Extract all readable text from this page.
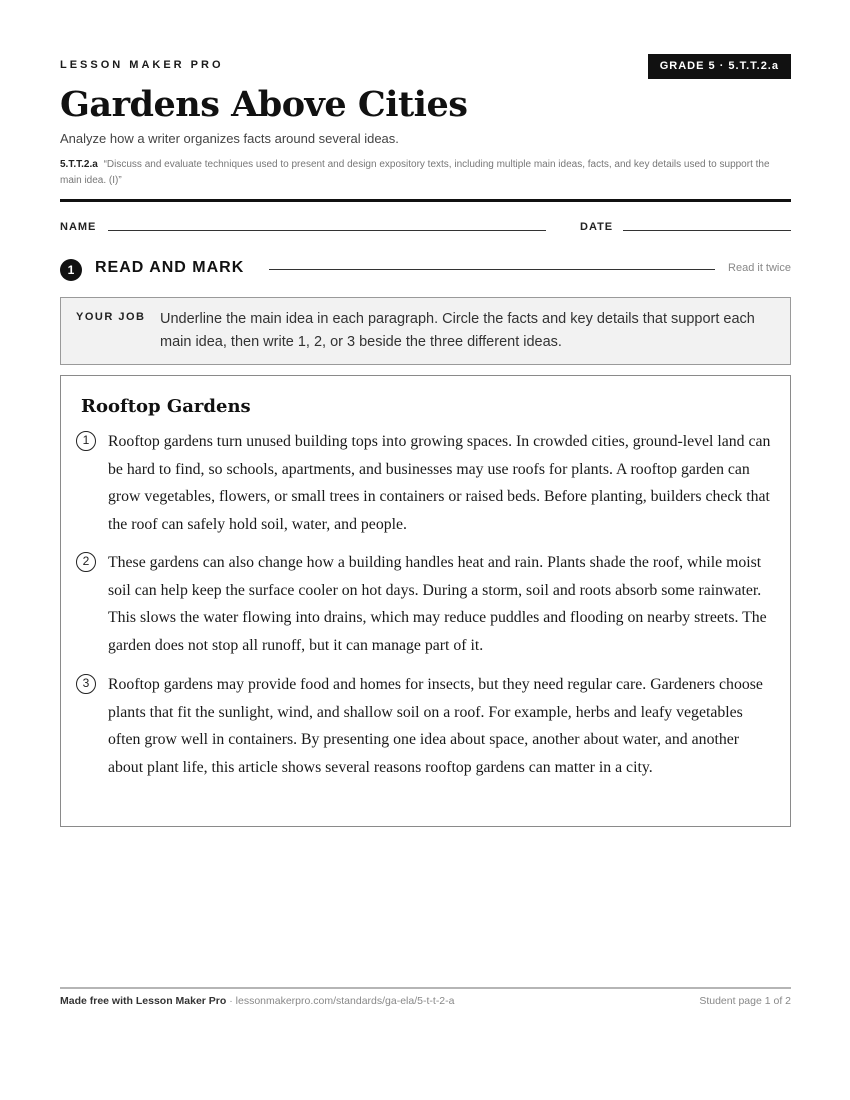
LESSON MAKER PRO	GRADE 5 · 5.T.T.2.a
Gardens Above Cities
Analyze how a writer organizes facts around several ideas.
5.T.T.2.a “Discuss and evaluate techniques used to present and design expository texts, including multiple main ideas, facts, and key details used to support the main idea. (I)”
NAME	DATE
1	READ AND MARK	Read it twice
YOUR JOB Underline the main idea in each paragraph. Circle the facts and key details that support each main idea, then write 1, 2, or 3 beside the three different ideas.
Rooftop Gardens
1	Rooftop gardens turn unused building tops into growing spaces. In crowded cities, ground-level land can be hard to find, so schools, apartments, and businesses may use roofs for plants. A rooftop garden can grow vegetables, flowers, or small trees in containers or raised beds. Before planting, builders check that the roof can safely hold soil, water, and people.

2	These gardens can also change how a building handles heat and rain. Plants shade the roof, while moist soil can help keep the surface cooler on hot days. During a storm, soil and roots absorb some rainwater. This slows the water flowing into drains, which may reduce puddles and flooding on nearby streets. The garden does not stop all runoff, but it can manage part of it.

3	Rooftop gardens may provide food and homes for insects, but they need regular care. Gardeners choose plants that fit the sunlight, wind, and shallow soil on a roof. For example, herbs and leafy vegetables often grow well in containers. By presenting one idea about space, another about water, and another about plant life, this article shows several reasons rooftop gardens can matter in a city.

Made free with Lesson Maker Pro · lessonmakerpro.com/standards/ga-ela/5-t-t-2-a	Student page 1 of 2
